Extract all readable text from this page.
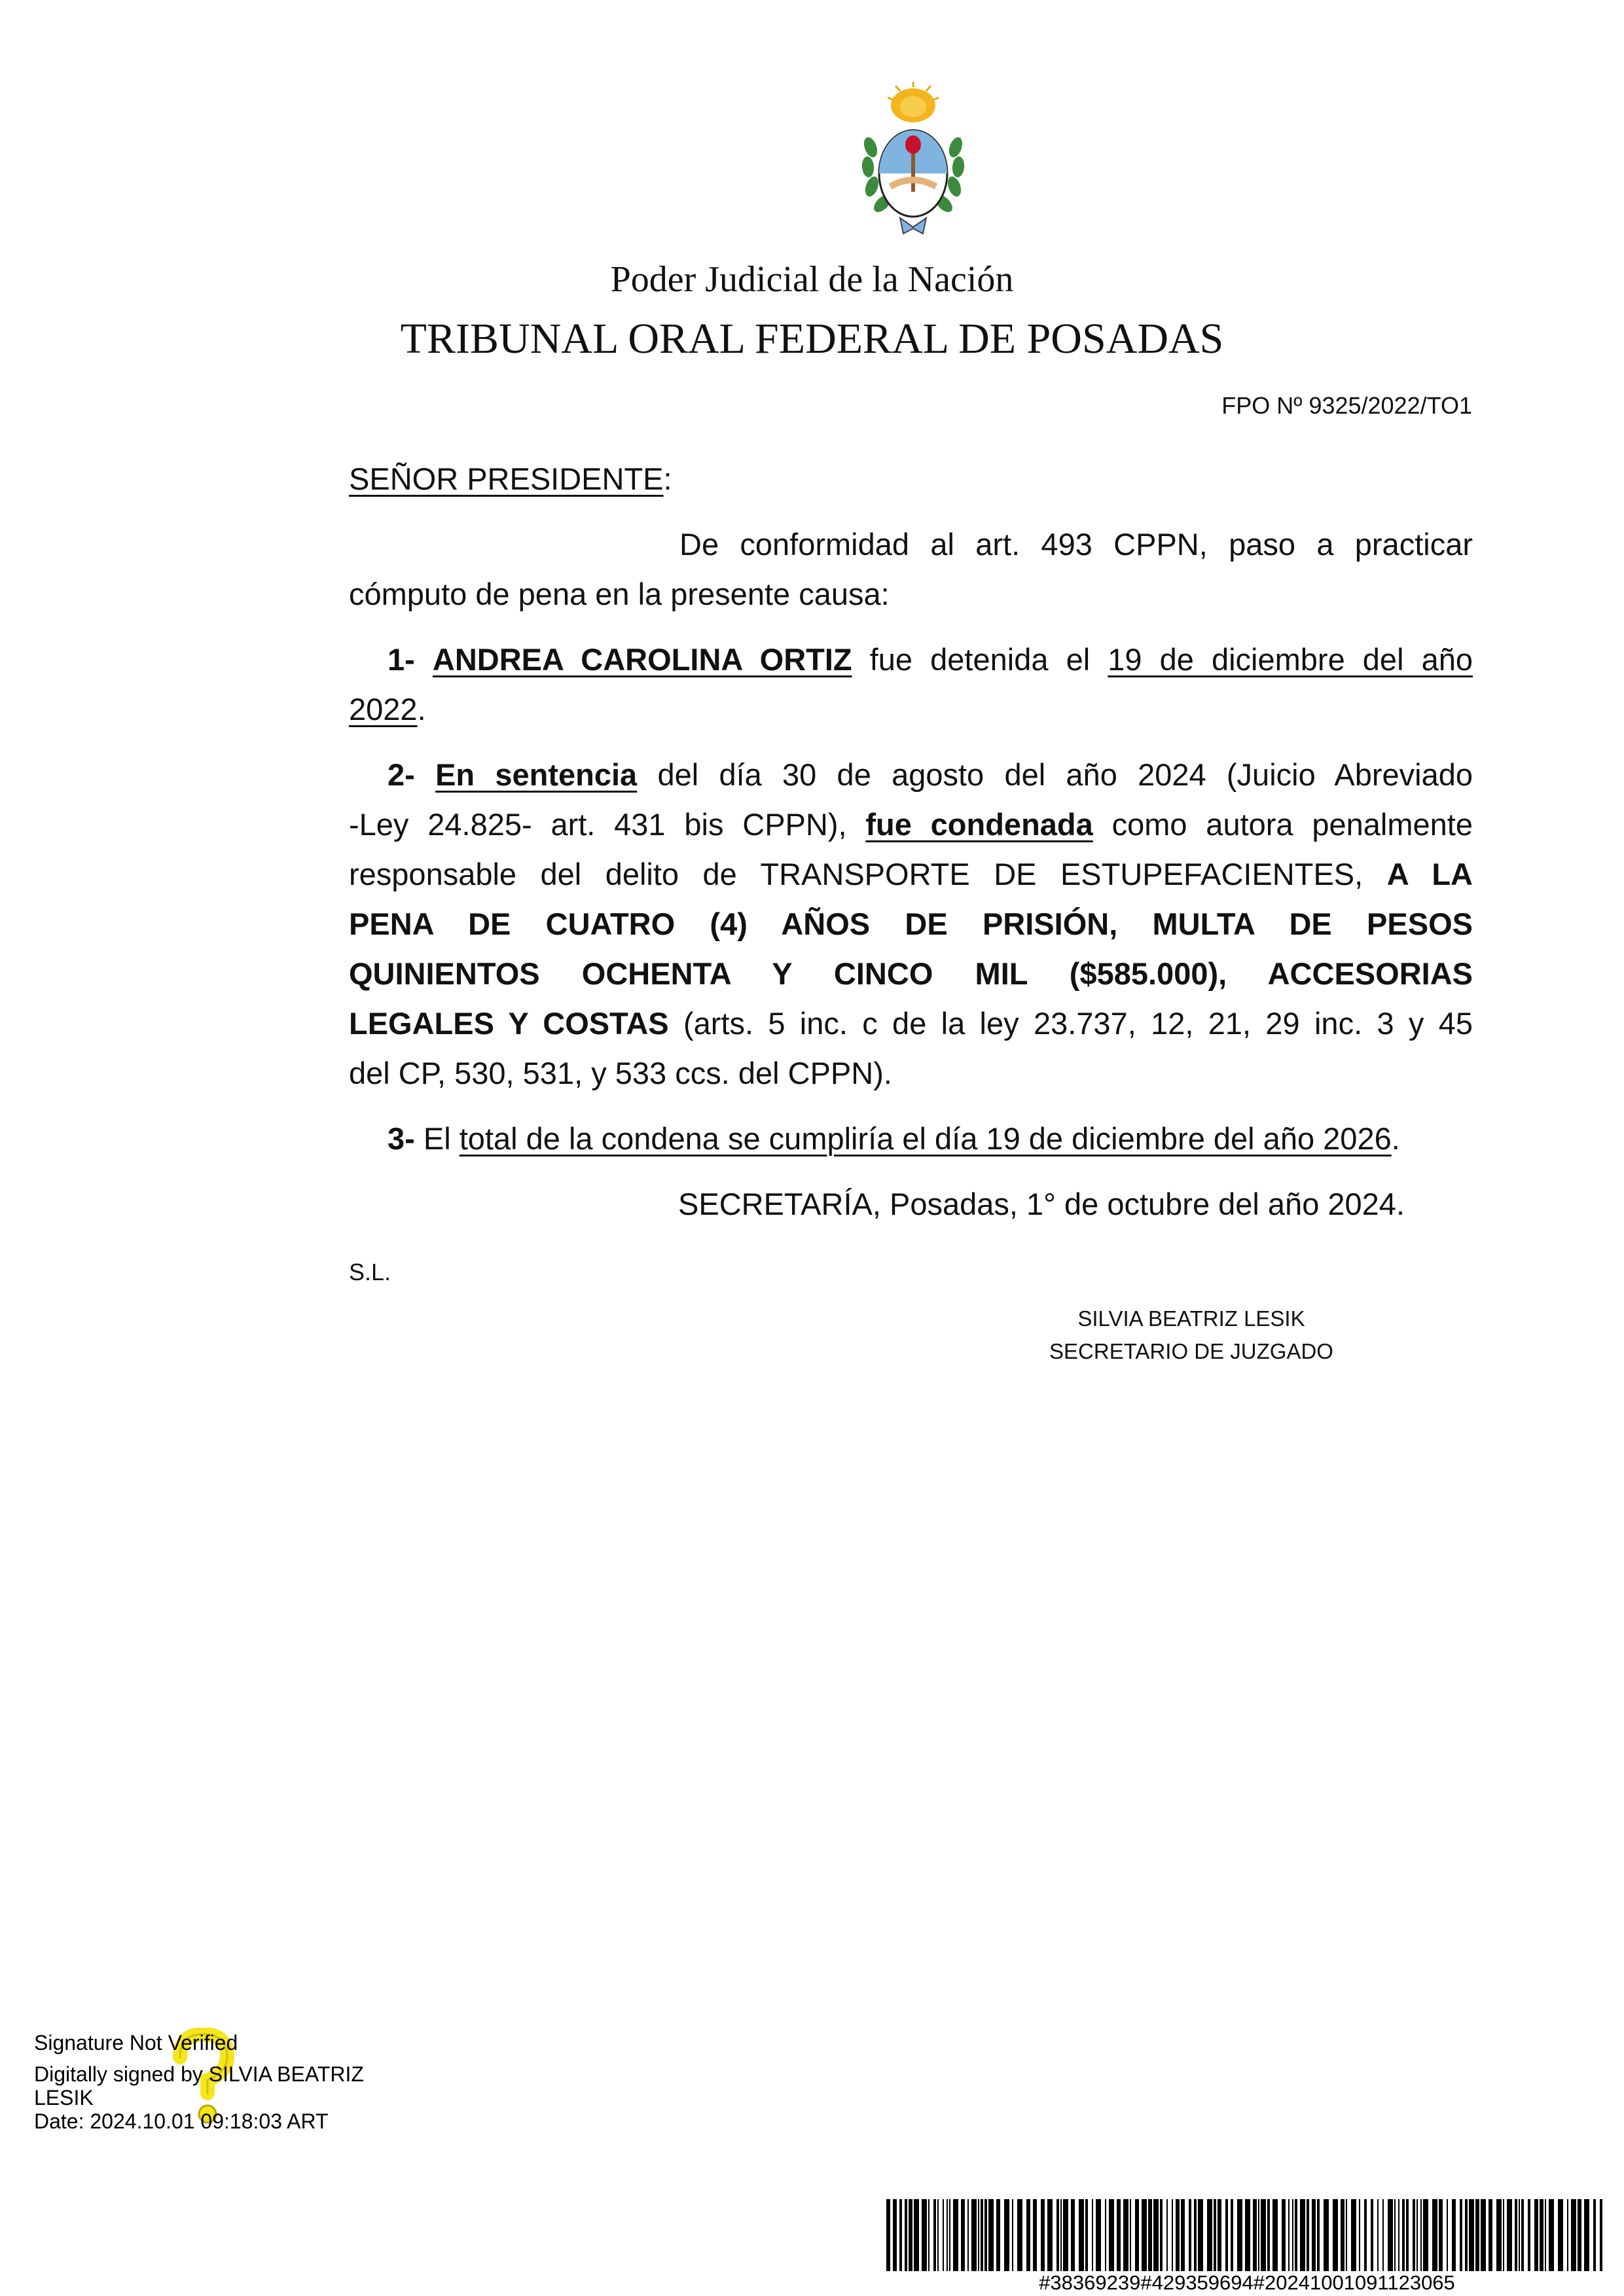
Poder Judicial de la Nación
TRIBUNAL ORAL FEDERAL DE POSADAS
FPO Nº 9325/2022/TO1
SEÑOR PRESIDENTE:
De conformidad al art. 493 CPPN, paso a practicar
cómputo de pena en la presente causa:
1- ANDREA CAROLINA ORTIZ fue detenida el 19 de diciembre del año
2022.
2- En sentencia del día 30 de agosto del año 2024 (Juicio Abreviado
-Ley 24.825- art. 431 bis CPPN), fue condenada como autora penalmente
responsable del delito de TRANSPORTE DE ESTUPEFACIENTES, A LA
PENA DE CUATRO (4) AÑOS DE PRISIÓN, MULTA DE PESOS
QUINIENTOS OCHENTA Y CINCO MIL ($585.000), ACCESORIAS
LEGALES Y COSTAS (arts. 5 inc. c de la ley 23.737, 12, 21, 29 inc. 3 y 45
del CP, 530, 531, y 533 ccs. del CPPN).
3- El total de la condena se cumpliría el día 19 de diciembre del año 2026.
SECRETARÍA, Posadas, 1° de octubre del año 2024.
S.L.
SILVIA BEATRIZ LESIK
SECRETARIO DE JUZGADO
Signature Not Verified
Digitally signed by SILVIA BEATRIZ
LESIK
Date: 2024.10.01 09:18:03 ART
#38369239#429359694#20241001091123065
